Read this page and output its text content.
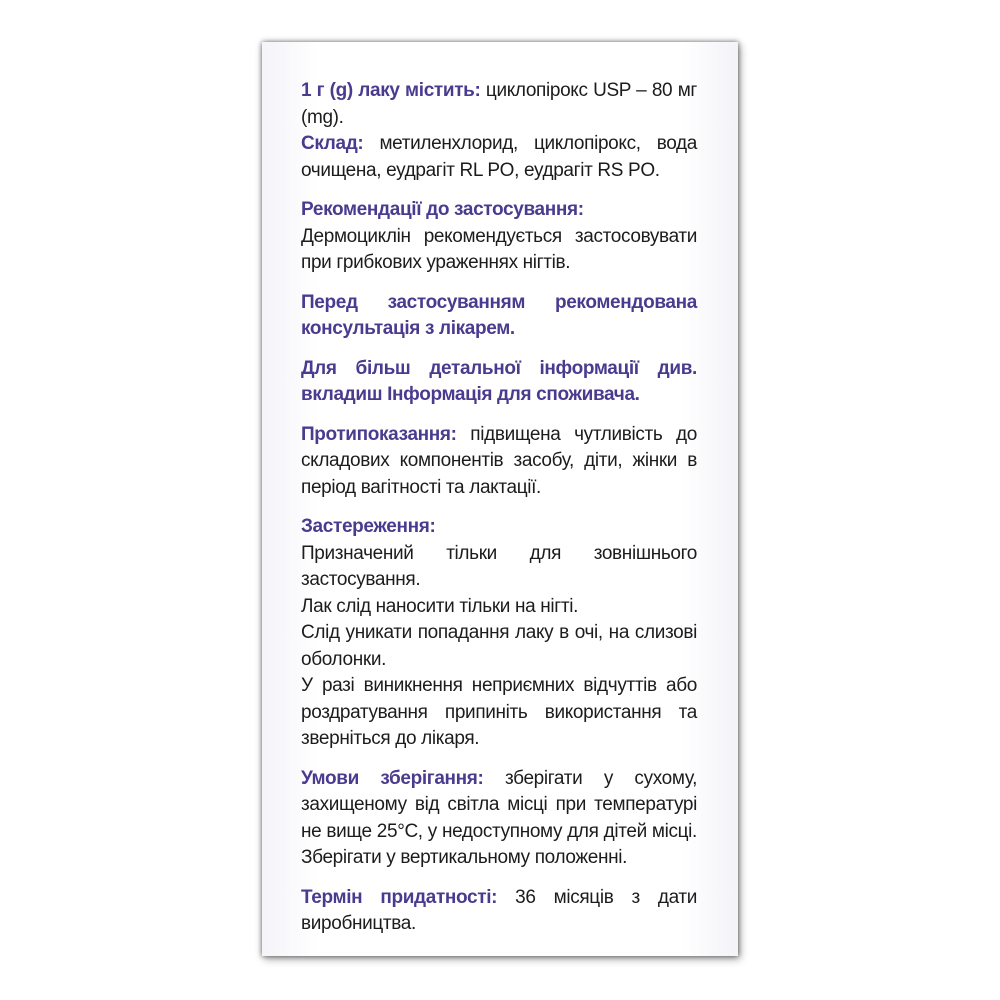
1 г (g) лаку містить: циклопірокс USP – 80 мг (mg).
Склад: метиленхлорид, циклопірокс, вода очищена, еудрагіт RL PO, еудрагіт RS PO.
Рекомендації до застосування:
Дермоциклін рекомендується застосовувати при грибкових ураженнях нігтів.
Перед застосуванням рекомендована консультація з лікарем.
Для більш детальної інформації див. вкладиш Інформація для споживача.
Протипоказання: підвищена чутливість до складових компонентів засобу, діти, жінки в період вагітності та лактації.
Застереження:
Призначений тільки для зовнішнього застосування.
Лак слід наносити тільки на нігті.
Слід уникати попадання лаку в очі, на слизові оболонки.
У разі виникнення неприємних відчуттів або роздратування припиніть використання та зверніться до лікаря.
Умови зберігання: зберігати у сухому, захищеному від світла місці при температурі не вище 25°C, у недоступному для дітей місці. Зберігати у вертикальному положенні.
Термін придатності: 36 місяців з дати виробництва.
